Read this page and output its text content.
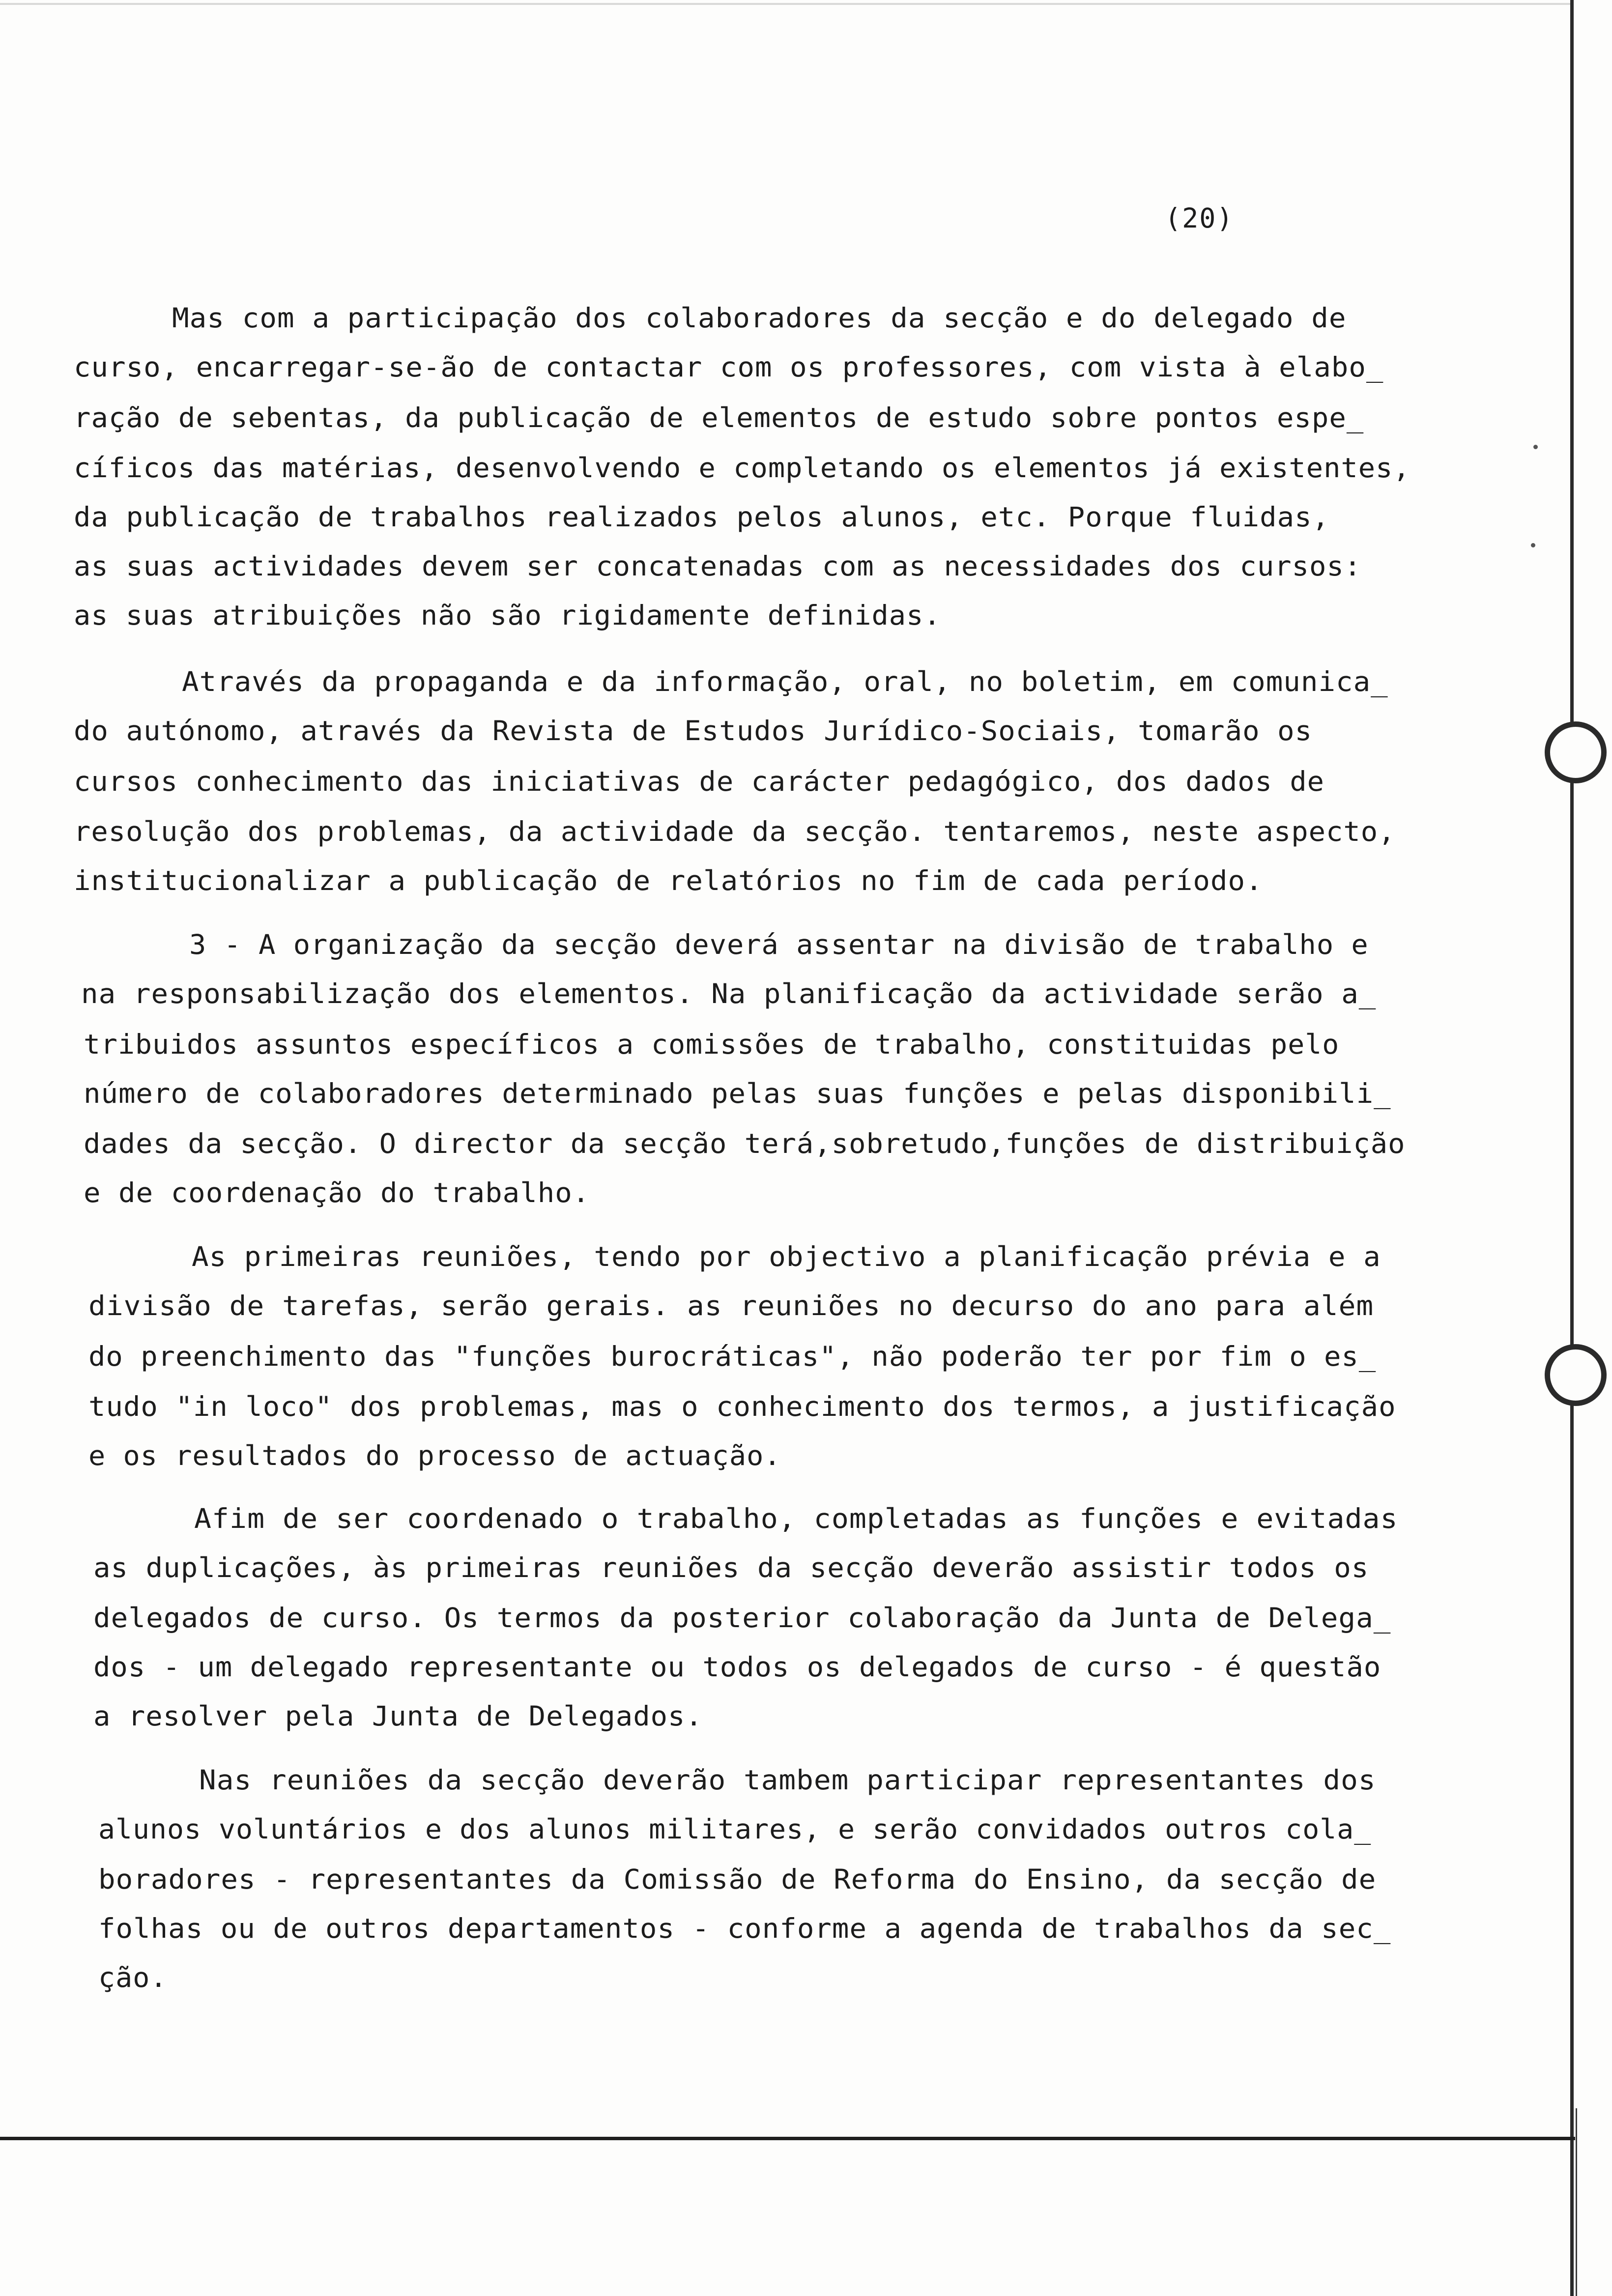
(20)
Mas com a participação dos colaboradores da secção e do delegado de
curso, encarregar-se-ão de contactar com os professores, com vista à elabo_
ração de sebentas, da publicação de elementos de estudo sobre pontos espe_
cíficos das matérias, desenvolvendo e completando os elementos já existentes,
da publicação de trabalhos realizados pelos alunos, etc. Porque fluidas,
as suas actividades devem ser concatenadas com as necessidades dos cursos:
as suas atribuições não são rigidamente definidas.
Através da propaganda e da informação, oral, no boletim, em comunica_
do autónomo, através da Revista de Estudos Jurídico-Sociais, tomarão os
cursos conhecimento das iniciativas de carácter pedagógico, dos dados de
resolução dos problemas, da actividade da secção. tentaremos, neste aspecto,
institucionalizar a publicação de relatórios no fim de cada período.
3 - A organização da secção deverá assentar na divisão de trabalho e
na responsabilização dos elementos. Na planificação da actividade serão a_
tribuidos assuntos específicos a comissões de trabalho, constituidas pelo
número de colaboradores determinado pelas suas funções e pelas disponibili_
dades da secção. O director da secção terá,sobretudo,funções de distribuição
e de coordenação do trabalho.
As primeiras reuniões, tendo por objectivo a planificação prévia e a
divisão de tarefas, serão gerais. as reuniões no decurso do ano para além
do preenchimento das "funções burocráticas", não poderão ter por fim o es_
tudo "in loco" dos problemas, mas o conhecimento dos termos, a justificação
e os resultados do processo de actuação.
Afim de ser coordenado o trabalho, completadas as funções e evitadas
as duplicações, às primeiras reuniões da secção deverão assistir todos os
delegados de curso. Os termos da posterior colaboração da Junta de Delega_
dos - um delegado representante ou todos os delegados de curso - é questão
a resolver pela Junta de Delegados.
Nas reuniões da secção deverão tambem participar representantes dos
alunos voluntários e dos alunos militares, e serão convidados outros cola_
boradores - representantes da Comissão de Reforma do Ensino, da secção de
folhas ou de outros departamentos - conforme a agenda de trabalhos da sec_
ção.
